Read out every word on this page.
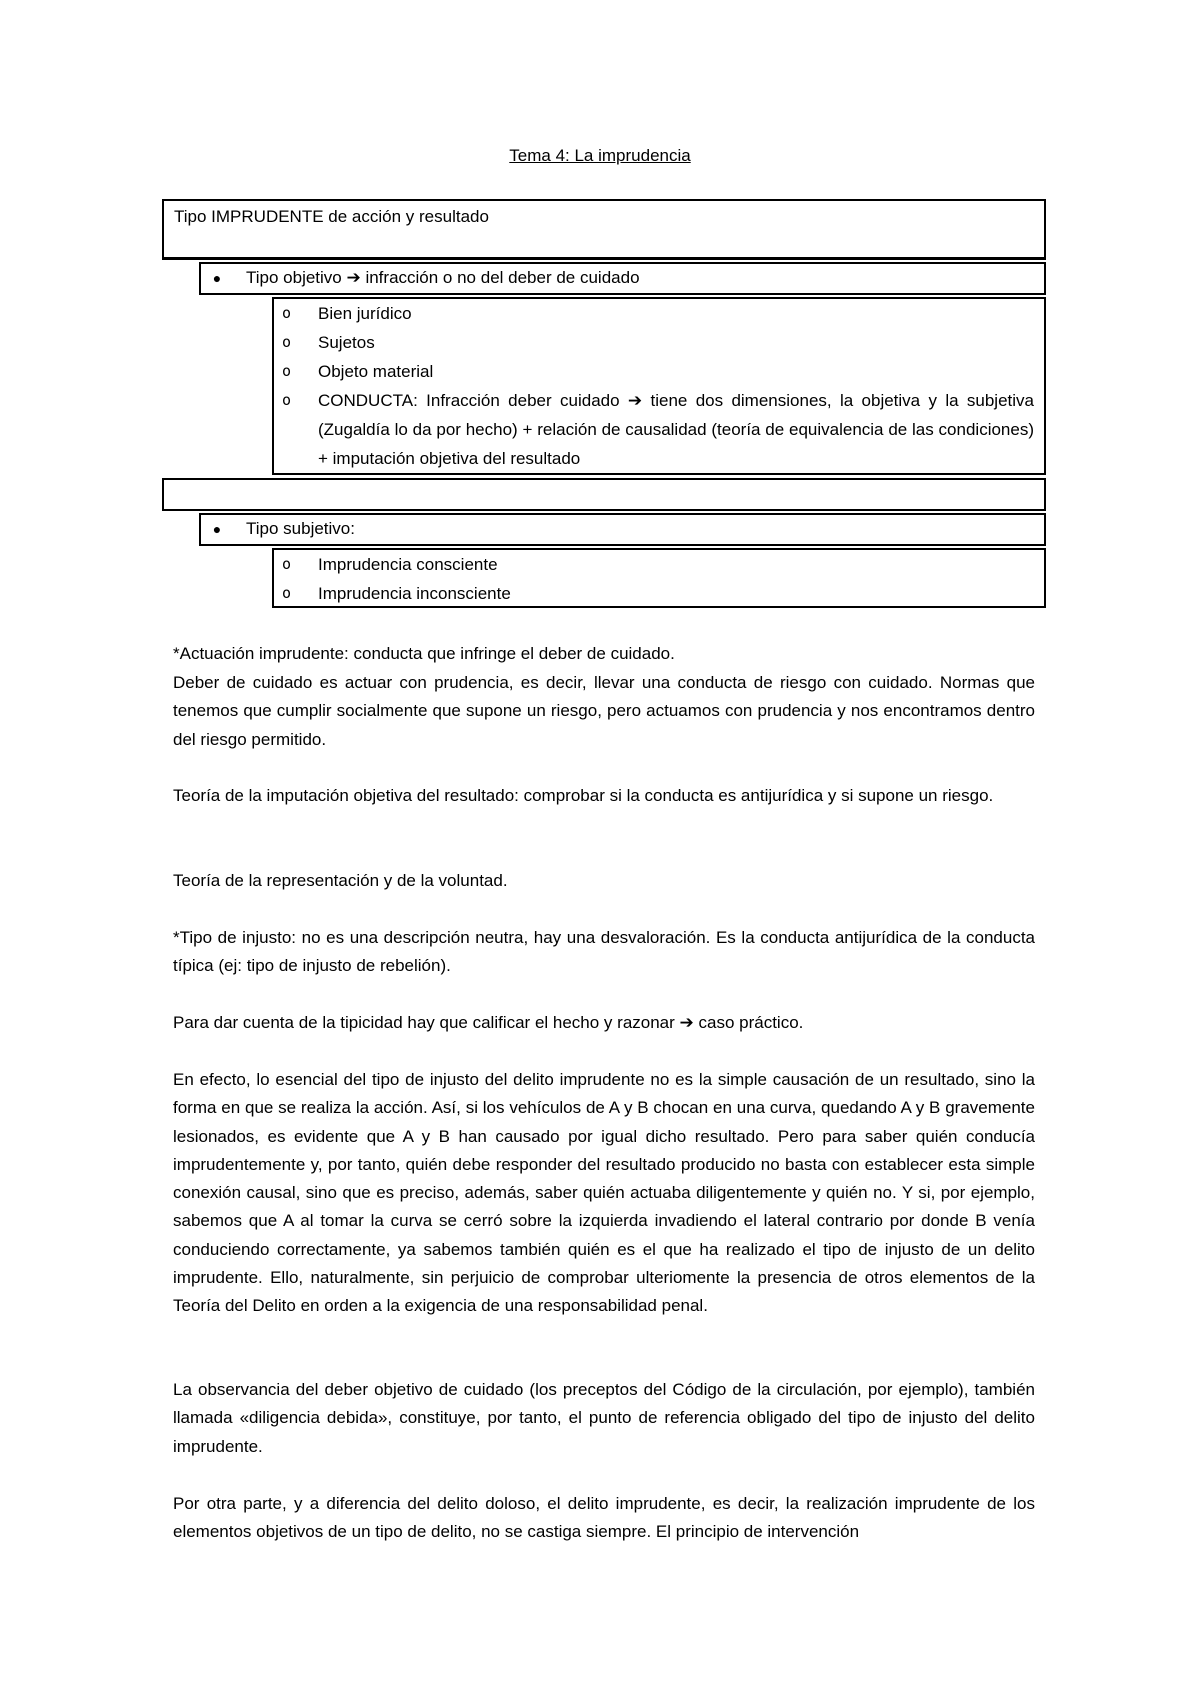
Tema 4: La imprudencia
Tipo IMPRUDENTE de acción y resultado
●	Tipo objetivo ➔ infracción o no del deber de cuidado
o Bien jurídico
o Sujetos
o Objeto material
o CONDUCTA: Infracción deber cuidado ➔ tiene dos dimensiones, la objetiva y la subjetiva (Zugaldía lo da por hecho) + relación de causalidad (teoría de equivalencia de las condiciones) + imputación objetiva del resultado
●	Tipo subjetivo:
o Imprudencia consciente
o Imprudencia inconsciente

*Actuación imprudente: conducta que infringe el deber de cuidado.

Deber de cuidado es actuar con prudencia, es decir, llevar una conducta de riesgo con cuidado. Normas que tenemos que cumplir socialmente que supone un riesgo, pero actuamos con prudencia y nos encontramos dentro del riesgo permitido.

Teoría de la imputación objetiva del resultado: comprobar si la conducta es antijurídica y si supone un riesgo.

Teoría de la representación y de la voluntad.

*Tipo de injusto: no es una descripción neutra, hay una desvaloración. Es la conducta antijurídica de la conducta típica (ej: tipo de injusto de rebelión).

Para dar cuenta de la tipicidad hay que calificar el hecho y razonar ➔ caso práctico.

En efecto, lo esencial del tipo de injusto del delito imprudente no es la simple causación de un resultado, sino la forma en que se realiza la acción. Así, si los vehículos de A y B chocan en una curva, quedando A y B gravemente lesionados, es evidente que A y B han causado por igual dicho resultado. Pero para saber quién conducía imprudentemente y, por tanto, quién debe responder del resultado producido no basta con establecer esta simple conexión causal, sino que es preciso, además, saber quién actuaba diligentemente y quién no. Y si, por ejemplo, sabemos que A al tomar la curva se cerró sobre la izquierda invadiendo el lateral contrario por donde B venía conduciendo correctamente, ya sabemos también quién es el que ha realizado el tipo de injusto de un delito imprudente. Ello, naturalmente, sin perjuicio de comprobar ulteriomente la presencia de otros elementos de la Teoría del Delito en orden a la exigencia de una responsabilidad penal.

La observancia del deber objetivo de cuidado (los preceptos del Código de la circulación, por ejemplo), también llamada «diligencia debida», constituye, por tanto, el punto de referencia obligado del tipo de injusto del delito imprudente.

Por otra parte, y a diferencia del delito doloso, el delito imprudente, es decir, la realización imprudente de los elementos objetivos de un tipo de delito, no se castiga siempre. El principio de intervención
